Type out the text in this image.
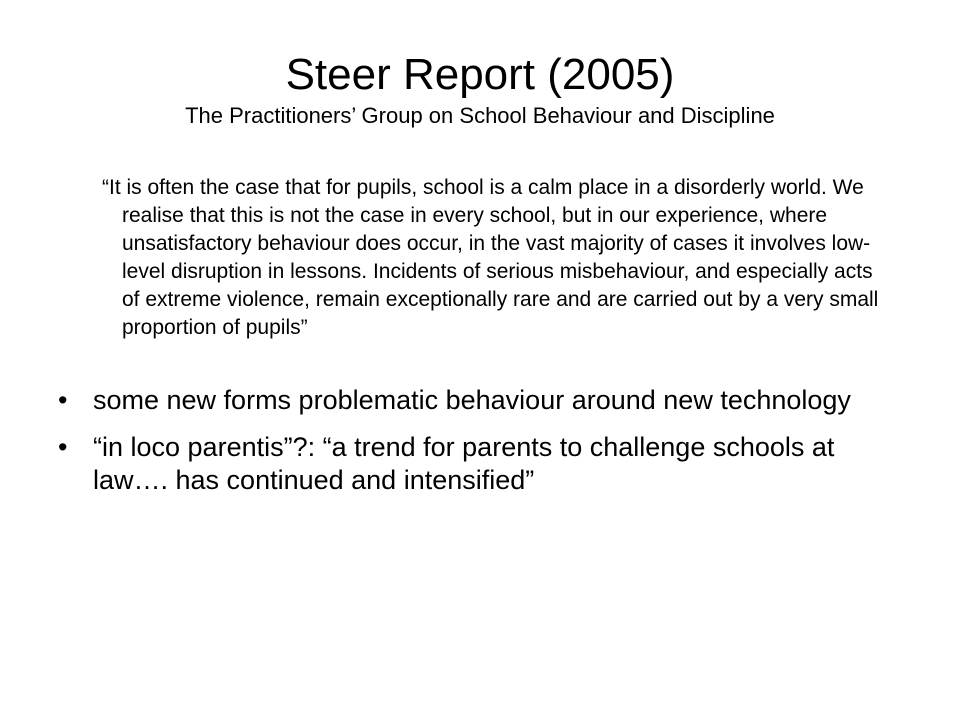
Steer Report (2005)
The Practitioners’ Group on School Behaviour and Discipline
“It is often the case that for pupils, school is a calm place in a disorderly world. We realise that this is not the case in every school, but in our experience, where unsatisfactory behaviour does occur, in the vast majority of cases it involves low-level disruption in lessons. Incidents of serious misbehaviour, and especially acts of extreme violence, remain exceptionally rare and are carried out by a very small proportion of pupils”
• some new forms problematic behaviour around new technology
• “in loco parentis”?: “a trend for parents to challenge schools at law…. has continued and intensified”
